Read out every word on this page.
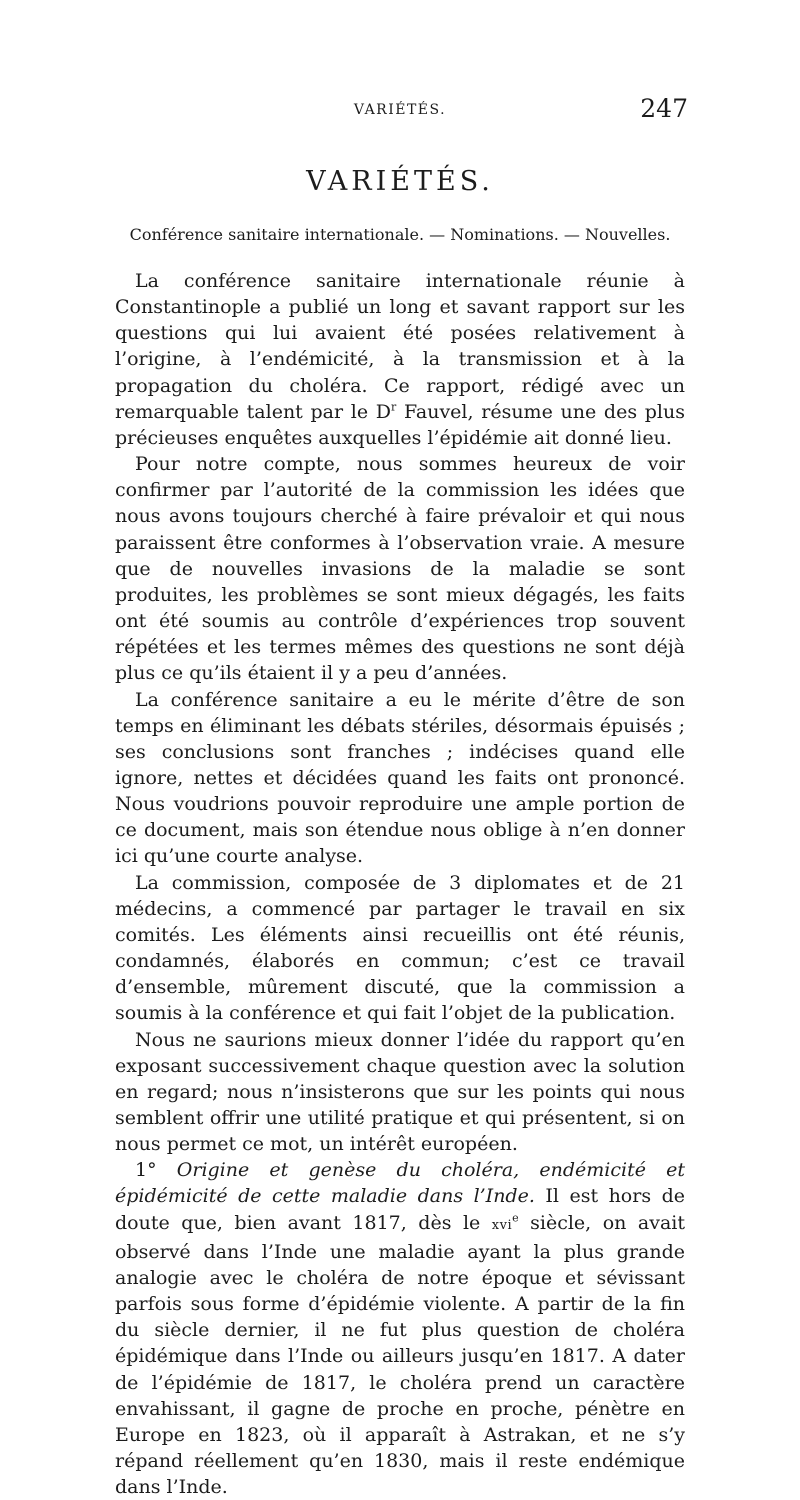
VARIÉTÉS.	247
VARIÉTÉS.
Conférence sanitaire internationale. — Nominations. — Nouvelles.

La conférence sanitaire internationale réunie à Constantinople a publié un long et savant rapport sur les questions qui lui avaient été posées relativement à l’origine, à l’endémicité, à la transmission et à la propagation du choléra. Ce rapport, rédigé avec un remarquable talent par le $D^r$ Fauvel, résume une des plus précieuses enquêtes auxquelles l’épidémie ait donné lieu.

Pour notre compte, nous sommes heureux de voir confirmer par l’autorité de la commission les idées que nous avons toujours cherché à faire prévaloir et qui nous paraissent être conformes à l’observation vraie. A mesure que de nouvelles invasions de la maladie se sont produites, les problèmes se sont mieux dégagés, les faits ont été soumis au contrôle d’expériences trop souvent répétées et les termes mêmes des questions ne sont déjà plus ce qu’ils étaient il y a peu d’années.

La conférence sanitaire a eu le mérite d’être de son temps en éliminant les débats stériles, désormais épuisés ; ses conclusions sont franches ; indécises quand elle ignore, nettes et décidées quand les faits ont prononcé. Nous voudrions pouvoir reproduire une ample portion de ce document, mais son étendue nous oblige à n’en donner ici qu’une courte analyse.

La commission, composée de 3 diplomates et de 21 médecins, a commencé par partager le travail en six comités. Les éléments ainsi recueillis ont été réunis, condamnés, élaborés en commun; c’est ce travail d’ensemble, mûrement discuté, que la commission a soumis à la conférence et qui fait l’objet de la publication.

Nous ne saurions mieux donner l’idée du rapport qu’en exposant successivement chaque question avec la solution en regard; nous n’insisterons que sur les points qui nous semblent offrir une utilité pratique et qui présentent, si on nous permet ce mot, un intérêt européen.

1° Origine et genèse du choléra, endémicité et épidémicité de cette maladie dans l’Inde. Il est hors de doute que, bien avant 1817, dès le xvi$^e$ siècle, on avait observé dans l’Inde une maladie ayant la plus grande analogie avec le choléra de notre époque et sévissant parfois sous forme d’épidémie violente. A partir de la fin du siècle dernier, il ne fut plus question de choléra épidémique dans l’Inde ou ailleurs jusqu’en 1817. A dater de l’épidémie de 1817, le choléra prend un caractère envahissant, il gagne de proche en proche, pénètre en Europe en 1823, où il apparaît à Astrakan, et ne s’y répand réellement qu’en 1830, mais il reste endémique dans l’Inde.
